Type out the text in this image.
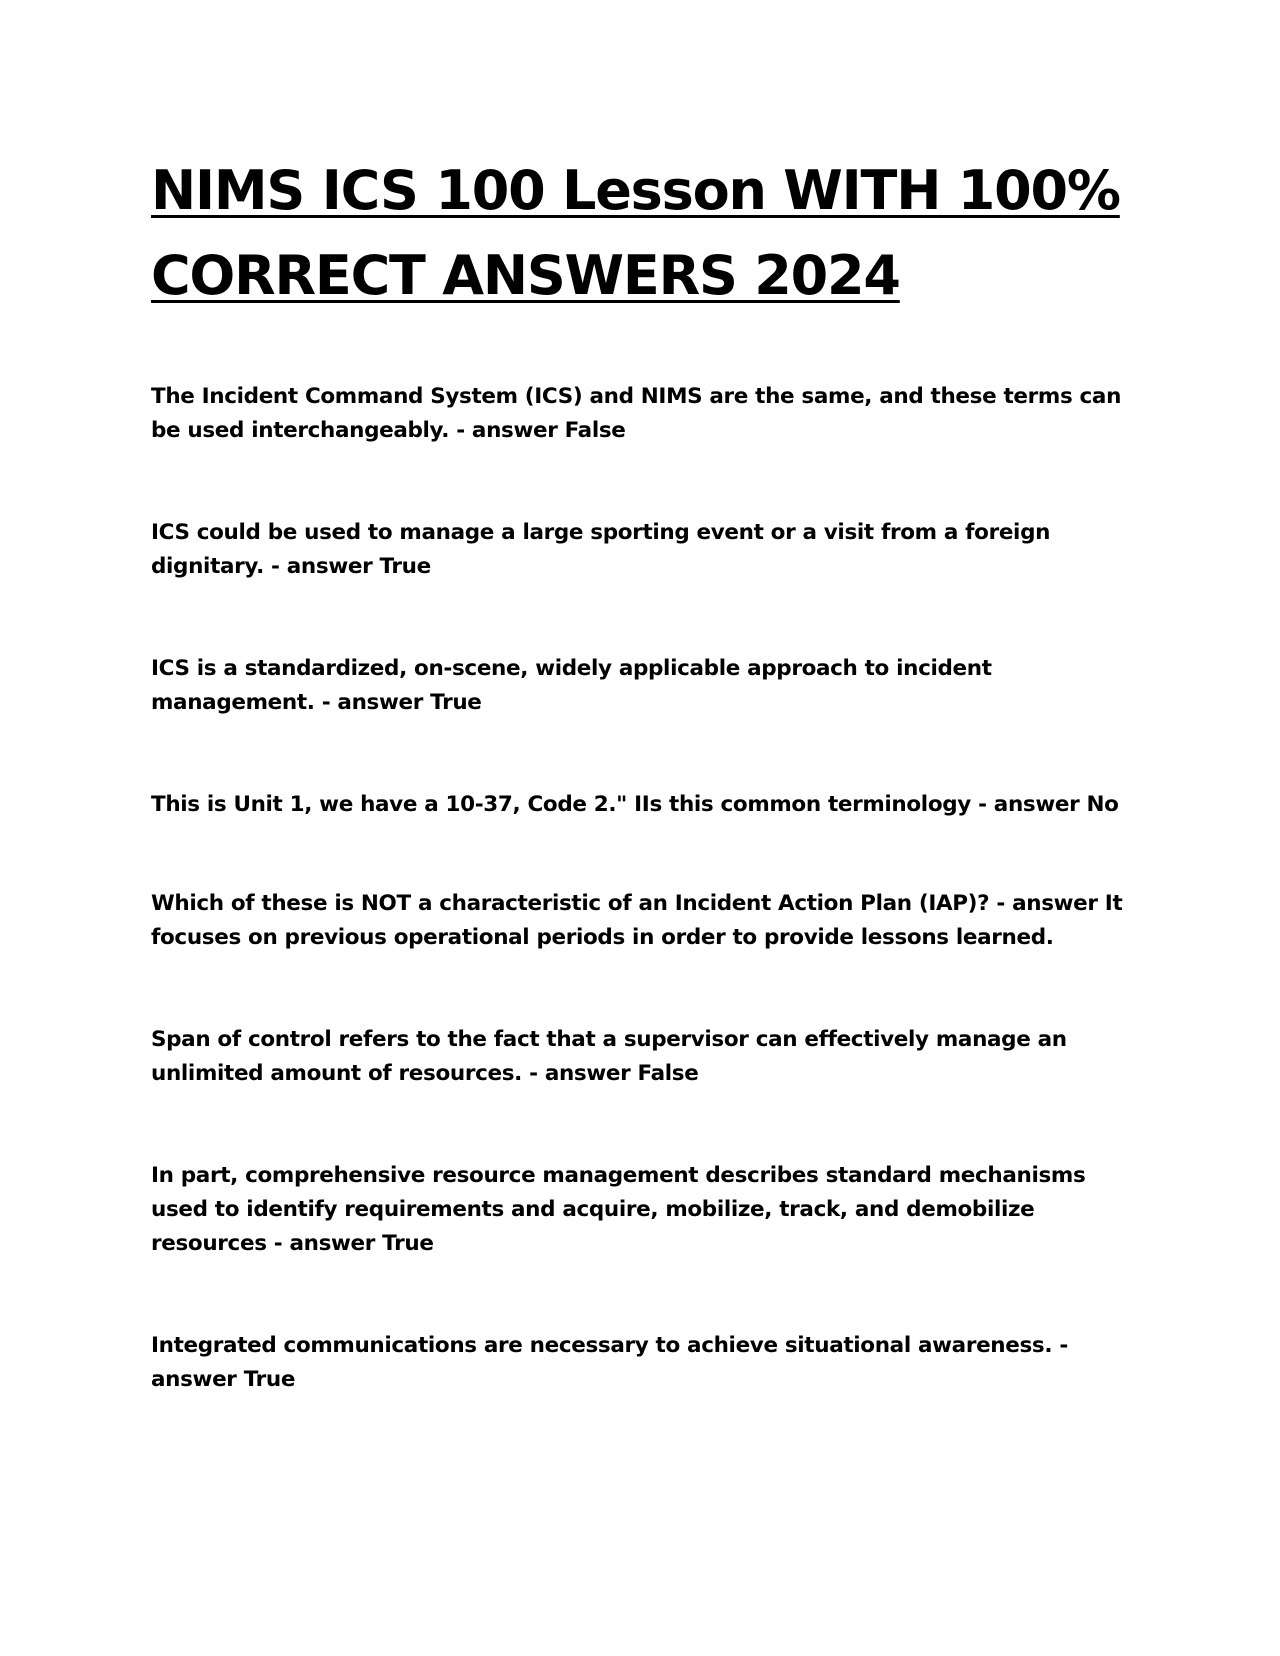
NIMS ICS 100 Lesson WITH 100% CORRECT ANSWERS 2024

The Incident Command System (ICS) and NIMS are the same, and these terms can be used interchangeably. - answer False

ICS could be used to manage a large sporting event or a visit from a foreign dignitary. - answer True

ICS is a standardized, on-scene, widely applicable approach to incident management. - answer True

This is Unit 1, we have a 10-37, Code 2." IIs this common terminology - answer No

Which of these is NOT a characteristic of an Incident Action Plan (IAP)? - answer It focuses on previous operational periods in order to provide lessons learned.

Span of control refers to the fact that a supervisor can effectively manage an unlimited amount of resources. - answer False

In part, comprehensive resource management describes standard mechanisms used to identify requirements and acquire, mobilize, track, and demobilize resources - answer True

Integrated communications are necessary to achieve situational awareness. - answer True
